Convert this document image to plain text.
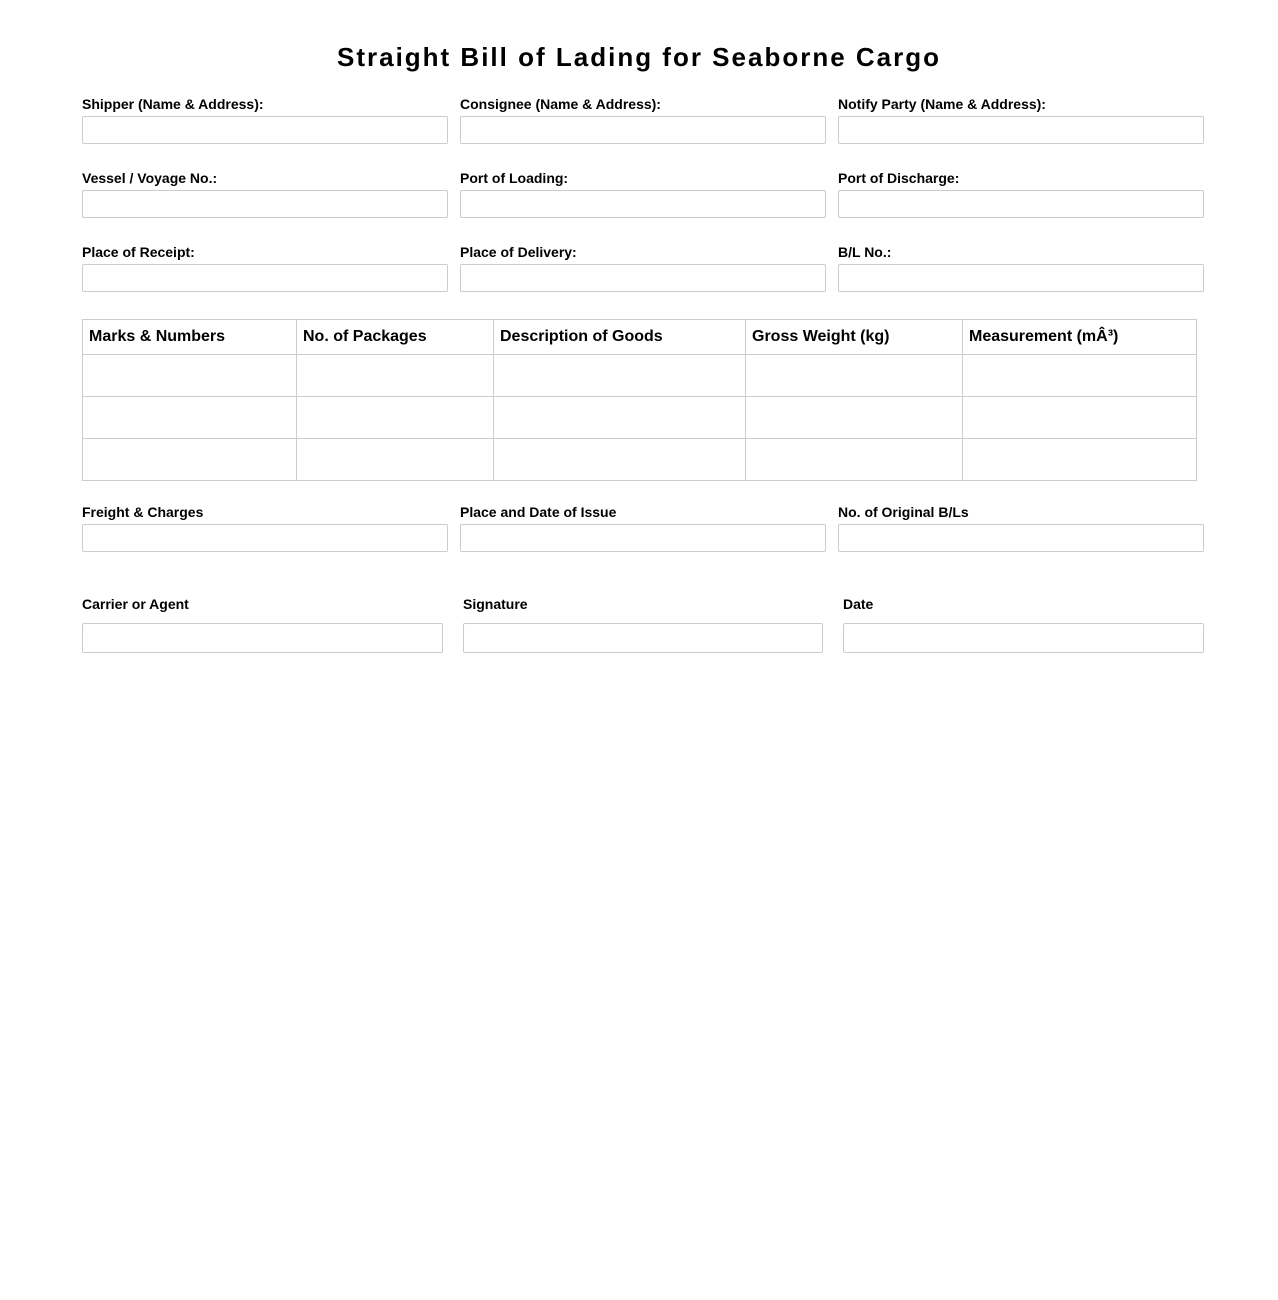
Straight Bill of Lading for Seaborne Cargo
Shipper (Name & Address):	Consignee (Name & Address):	Notify Party (Name & Address):
Vessel / Voyage No.:	Port of Loading:	Port of Discharge:
Place of Receipt:	Place of Delivery:	B/L No.:
Marks & Numbers	No. of Packages	Description of Goods	Gross Weight (kg)	Measurement (mÂ³)

Freight & Charges	Place and Date of Issue	No. of Original B/Ls
Carrier or Agent	Signature	Date
